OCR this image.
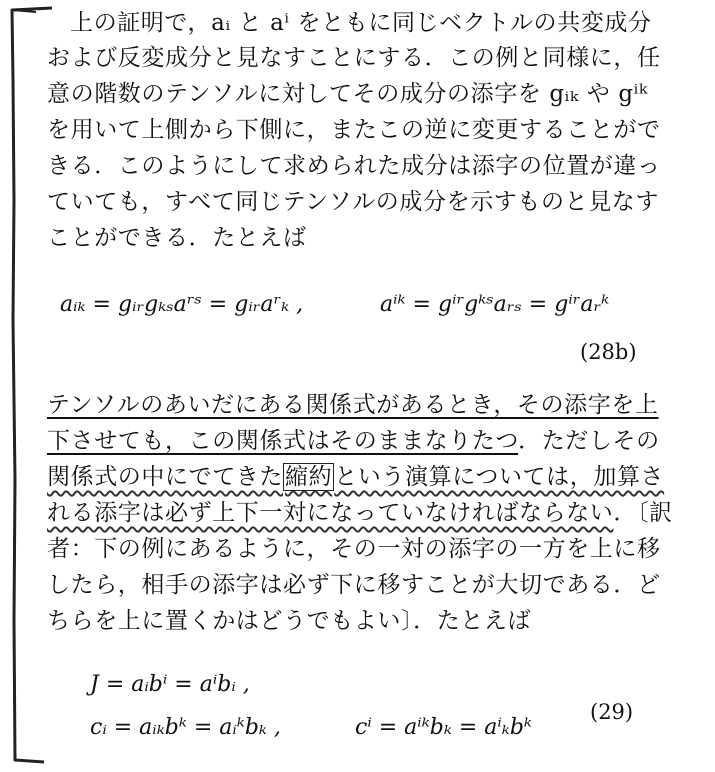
上の証明で，aᵢ と aⁱ をともに同じベクトルの共変成分
および反変成分と見なすことにする．この例と同様に，任
意の階数のテンソルに対してその成分の添字を gᵢₖ や gⁱᵏ
を用いて上側から下側に，またこの逆に変更することがで
きる．このようにして求められた成分は添字の位置が違っ
ていても，すべて同じテンソルの成分を示すものと見なす
ことができる．たとえば
aᵢₖ = gᵢᵣgₖₛaʳˢ = gᵢᵣaʳₖ ,	aⁱᵏ = gⁱʳgᵏˢaᵣₛ = gⁱʳaᵣᵏ
(28b)
テンソルのあいだにある関係式があるとき，その添字を上
下させても，この関係式はそのままなりたつ．ただしその
関係式の中にでてきた縮約という演算については，加算さ
れる添字は必ず上下一対になっていなければならない．〔訳
者：下の例にあるように，その一対の添字の一方を上に移
したら，相手の添字は必ず下に移すことが大切である．ど
ちらを上に置くかはどうでもよい〕．たとえば
J = aᵢbⁱ = aⁱbᵢ ,
cᵢ = aᵢₖbᵏ = aᵢᵏbₖ ,	cⁱ = aⁱᵏbₖ = aⁱₖbᵏ
(29)
